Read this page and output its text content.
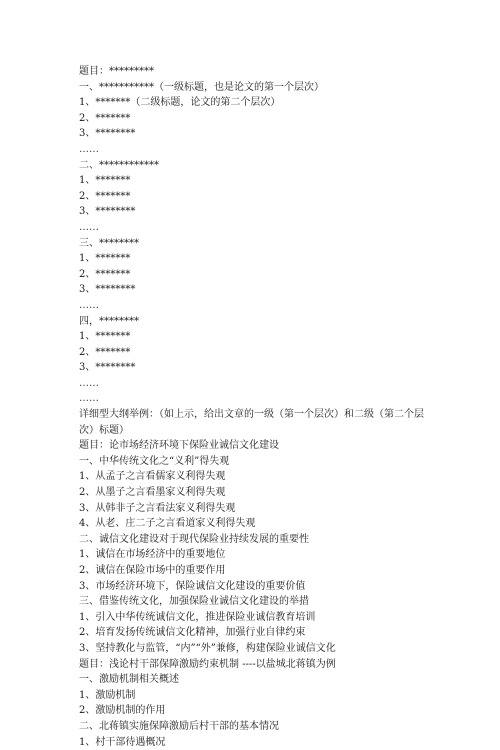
题目：*********
一、***********（一级标题，也是论文的第一个层次）
1、*******（二级标题，论文的第二个层次）
2、*******
3、********
……
二、************
1、*******
2、*******
3、********
……
三、********
1、*******
2、*******
3、********
……
四，********
1、*******
2、*******
3、********
……
……
详细型大纲举例：（如上示，给出文章的一级（第一个层次）和二级（第二个层次）标题）
题目：论市场经济环境下保险业诚信文化建设
一、中华传统文化之“义利”得失观
1、从孟子之言看儒家义利得失观
2、从墨子之言看墨家义利得失观
3、从韩非子之言看法家义利得失观
4、从老、庄二子之言看道家义利得失观
二、诚信文化建设对于现代保险业持续发展的重要性
1、诚信在市场经济中的重要地位
2、诚信在保险市场中的重要作用
3、市场经济环境下，保险诚信文化建设的重要价值
三、借鉴传统文化，加强保险业诚信文化建设的举措
1、引入中华传统诚信文化，推进保险业诚信教育培训
2、培育发扬传统诚信文化精神，加强行业自律约束
3、坚持教化与监管，“内”“外”兼修，构建保险业诚信文化
题目：浅论村干部保障激励约束机制 ----以盐城北蒋镇为例
一、激励机制相关概述
1、激励机制
2、激励机制的作用
二、北蒋镇实施保障激励后村干部的基本情况
1、村干部待遇概况
